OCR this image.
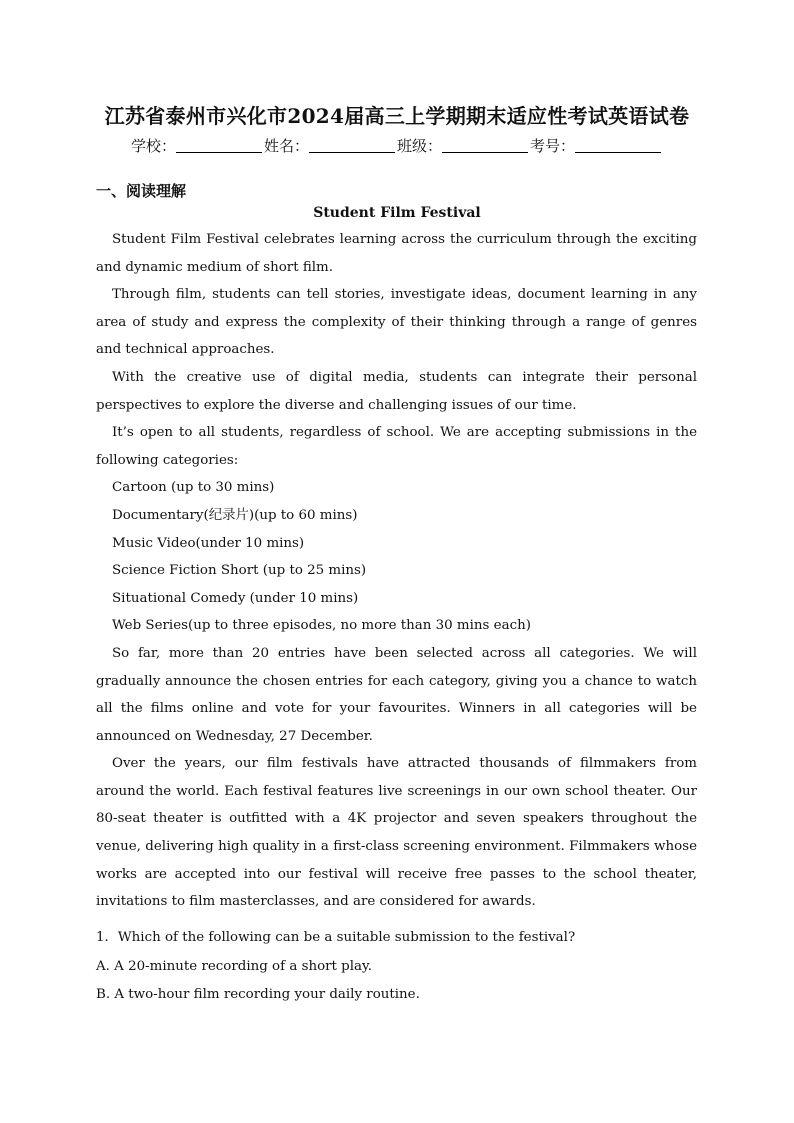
江苏省泰州市兴化市2024届高三上学期期末适应性考试英语试卷
学校：	姓名：	班级：	考号：
一、阅读理解
Student Film Festival

Student Film Festival celebrates learning across the curriculum through the exciting and dynamic medium of short film.

Through film, students can tell stories, investigate ideas, document learning in any area of study and express the complexity of their thinking through a range of genres and technical approaches.

With the creative use of digital media, students can integrate their personal perspectives to explore the diverse and challenging issues of our time.

It’s open to all students, regardless of school. We are accepting submissions in the following categories:

Cartoon (up to 30 mins)

Documentary(纪录片)(up to 60 mins)

Music Video(under 10 mins)

Science Fiction Short (up to 25 mins)

Situational Comedy (under 10 mins)

Web Series(up to three episodes, no more than 30 mins each)

So far, more than 20 entries have been selected across all categories. We will gradually announce the chosen entries for each category, giving you a chance to watch all the films online and vote for your favourites. Winners in all categories will be announced on Wednesday, 27 December.

Over the years, our film festivals have attracted thousands of filmmakers from around the world. Each festival features live screenings in our own school theater. Our 80-seat theater is outfitted with a 4K projector and seven speakers throughout the venue, delivering high quality in a first-class screening environment. Filmmakers whose works are accepted into our festival will receive free passes to the school theater, invitations to film masterclasses, and are considered for awards.

1．Which of the following can be a suitable submission to the festival?
A. A 20-minute recording of a short play.
B. A two-hour film recording your daily routine.
